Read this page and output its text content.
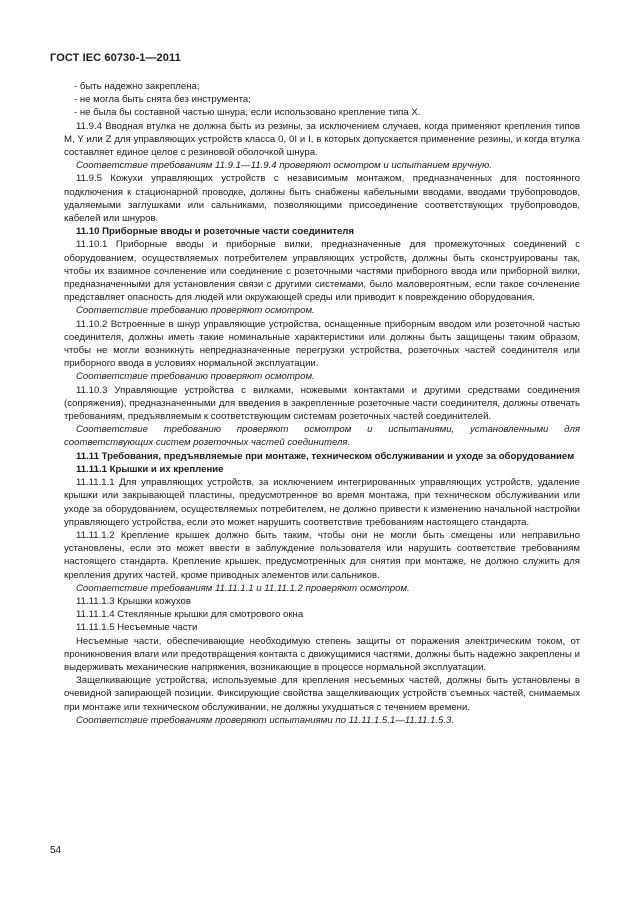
ГОСТ IEC 60730-1—2011

- быть надежно закреплена;

- не могла быть снята без инструмента;

- не была бы составной частью шнура, если использовано крепление типа X.

11.9.4 Вводная втулка не должна быть из резины, за исключением случаев, когда применяют крепления типов M, Y или Z для управляющих устройств класса 0, 0I и I, в которых допускается применение резины, и когда втулка составляет единое целое с резиновой оболочкой шнура.

Соответствие требованиям 11.9.1—11.9.4 проверяют осмотром и испытанием вручную.

11.9.5 Кожухи управляющих устройств с независимым монтажом, предназначенных для постоянного подключения к стационарной проводке, должны быть снабжены кабельными вводами, вводами трубопроводов, удаляемыми заглушками или сальниками, позволяющими присоединение соответствующих трубопроводов, кабелей или шнуров.

11.10 Приборные вводы и розеточные части соединителя

11.10.1 Приборные вводы и приборные вилки, предназначенные для промежуточных соединений с оборудованием, осуществляемых потребителем управляющих устройств, должны быть сконструированы так, чтобы их взаимное сочленение или соединение с розеточными частями приборного ввода или приборной вилки, предназначенными для установления связи с другими системами, было маловероятным, если такое сочленение представляет опасность для людей или окружающей среды или приводит к повреждению оборудования.

Соответствие требованию проверяют осмотром.

11.10.2 Встроенные в шнур управляющие устройства, оснащенные приборным вводом или розеточной частью соединителя, должны иметь такие номинальные характеристики или должны быть защищены таким образом, чтобы не могли возникнуть непредназначенные перегрузки устройства, розеточных частей соединителя или приборного ввода в условиях нормальной эксплуатации.

Соответствие требованию проверяют осмотром.

11.10.3 Управляющие устройства с вилками, ножевыми контактами и другими средствами соединения (сопряжения), предназначенными для введения в закрепленные розеточные части соединителя, должны отвечать требованиям, предъявляемым к соответствующим системам розеточных частей соединителей.

Соответствие требованию проверяют осмотром и испытаниями, установленными для соответствующих систем розеточных частей соединителя.

11.11 Требования, предъявляемые при монтаже, техническом обслуживании и уходе за оборудованием

11.11.1 Крышки и их крепление

11.11.1.1 Для управляющих устройств, за исключением интегрированных управляющих устройств, удаление крышки или закрывающей пластины, предусмотренное во время монтажа, при техническом обслуживании или уходе за оборудованием, осуществляемых потребителем, не должно привести к изменению начальной настройки управляющего устройства, если это может нарушить соответствие требованиям настоящего стандарта.

11.11.1.2 Крепление крышек должно быть таким, чтобы они не могли быть смещены или неправильно установлены, если это может ввести в заблуждение пользователя или нарушить соответствие требованиям настоящего стандарта. Крепление крышек, предусмотренных для снятия при монтаже, не должно служить для крепления других частей, кроме приводных элементов или сальников.

Соответствие требованиям 11.11.1.1 и 11.11.1.2 проверяют осмотром.

11.11.1.3 Крышки кожухов

11.11.1.4 Стеклянные крышки для смотрового окна

11.11.1.5 Несъемные части

Несъемные части, обеспечивающие необходимую степень защиты от поражения электрическим током, от проникновения влаги или предотвращения контакта с движущимися частями, должны быть надежно закреплены и выдерживать механические напряжения, возникающие в процессе нормальной эксплуатации.

Защелкивающие устройства, используемые для крепления несъемных частей, должны быть установлены в очевидной запирающей позиции. Фиксирующие свойства защелкивающих устройств съемных частей, снимаемых при монтаже или техническом обслуживании, не должны ухудшаться с течением времени.

Соответствие требованиям проверяют испытаниями по 11.11.1.5.1—11.11.1.5.3.

54
